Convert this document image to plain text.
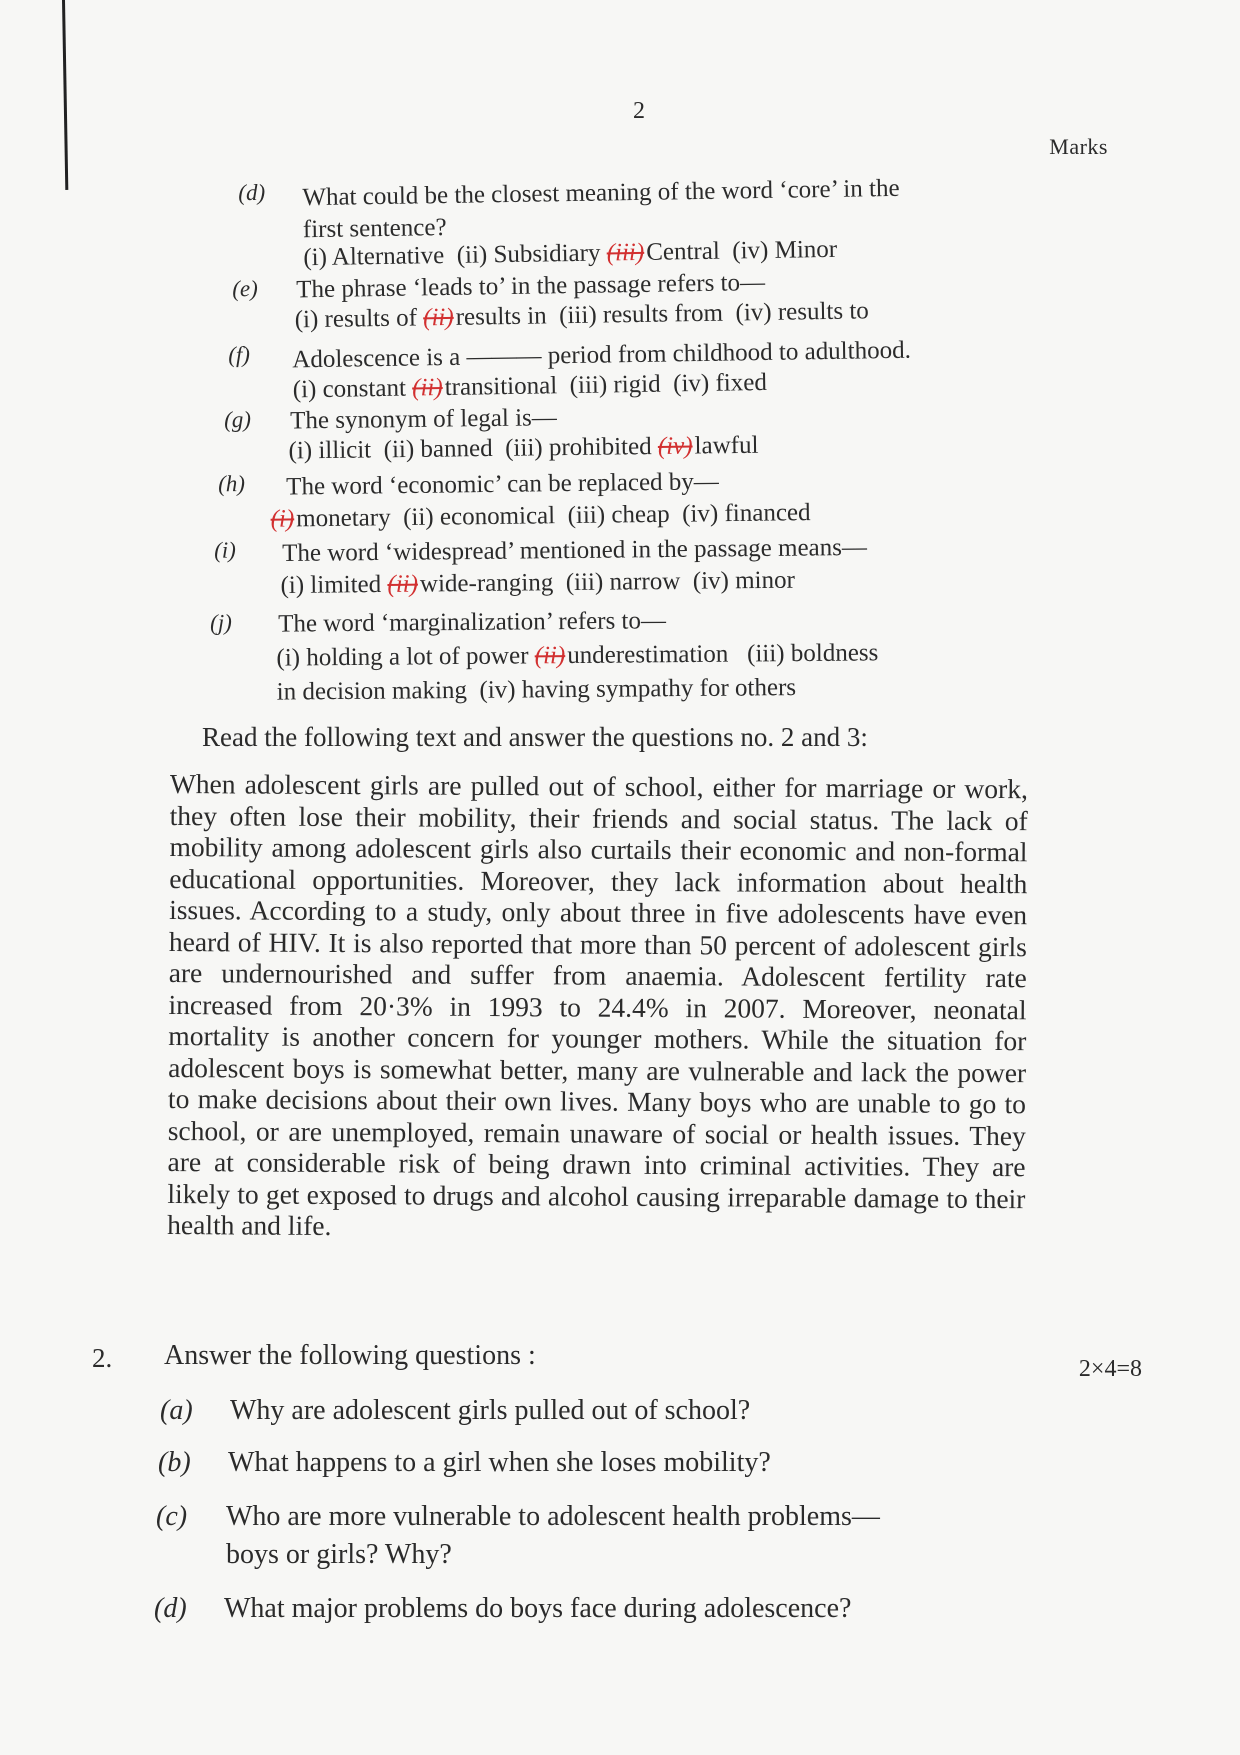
2
Marks
(d)	What could be the closest meaning of the word ‘core’ in the
first sentence?
(i) Alternative (ii) Subsidiary (iii)Central (iv) Minor
(e)	The phrase ‘leads to’ in the passage refers to—
(i) results of (ii)results in (iii) results from (iv) results to
(f)	Adolescence is a ——— period from childhood to adulthood.
(i) constant (ii)transitional (iii) rigid (iv) fixed
(g)	The synonym of legal is—
(i) illicit (ii) banned (iii) prohibited (iv)lawful
(h)	The word ‘economic’ can be replaced by—
(i)monetary (ii) economical (iii) cheap (iv) financed
(i)	The word ‘widespread’ mentioned in the passage means—
(i) limited (ii)wide-ranging (iii) narrow (iv) minor
(j)	The word ‘marginalization’ refers to—
(i) holding a lot of power (ii)underestimation (iii) boldness
in decision making (iv) having sympathy for others
Read the following text and answer the questions no. 2 and 3:
When adolescent girls are pulled out of school, either for marriage or work, they often lose their mobility, their friends and social status. The lack of mobility among adolescent girls also curtails their economic and non-formal educational opportunities. Moreover, they lack information about health issues. According to a study, only about three in five adolescents have even heard of HIV. It is also reported that more than 50 percent of adolescent girls are undernourished and suffer from anaemia. Adolescent fertility rate increased from 20·3% in 1993 to 24.4% in 2007. Moreover, neonatal mortality is another concern for younger mothers. While the situation for adolescent boys is somewhat better, many are vulnerable and lack the power to make decisions about their own lives. Many boys who are unable to go to school, or are unemployed, remain unaware of social or health issues. They are at considerable risk of being drawn into criminal activities. They are likely to get exposed to drugs and alcohol causing irreparable damage to their health and life.
2. Answer the following questions :	2×4=8
(a)	Why are adolescent girls pulled out of school?
(b)	What happens to a girl when she loses mobility?
(c)	Who are more vulnerable to adolescent health problems—
boys or girls? Why?
(d)	What major problems do boys face during adolescence?
